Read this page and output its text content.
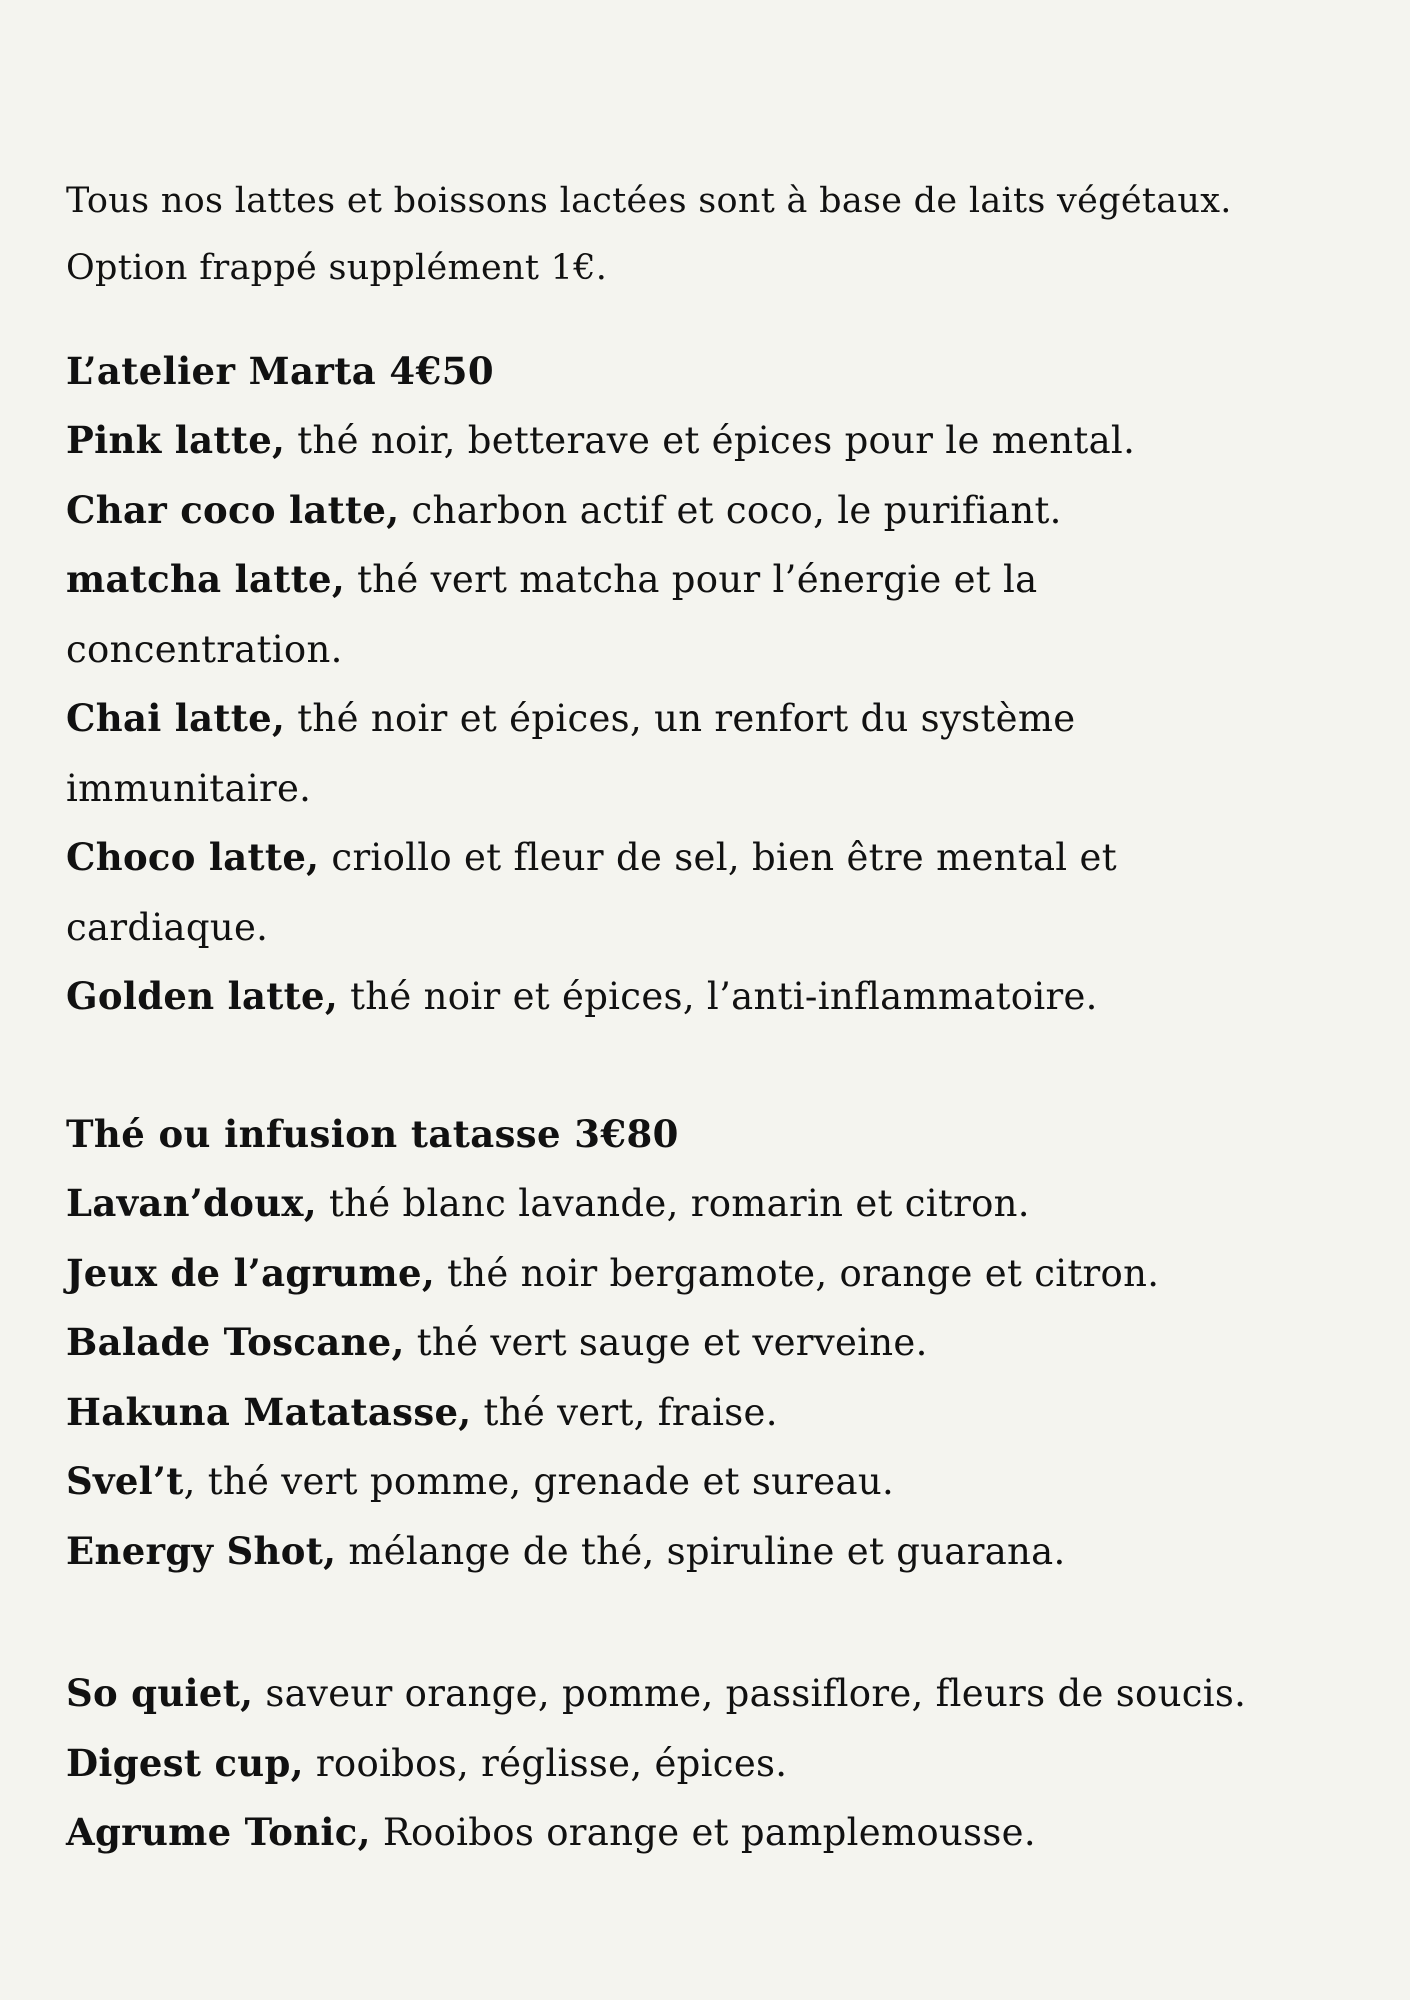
Tous nos lattes et boissons lactées sont à base de laits végétaux.

Option frappé supplément 1€.

L’atelier Marta 4€50

Pink latte, thé noir, betterave et épices pour le mental.

Char coco latte, charbon actif et coco, le purifiant.

matcha latte, thé vert matcha pour l’énergie et la concentration.

Chai latte, thé noir et épices, un renfort du système immunitaire.

Choco latte, criollo et fleur de sel, bien être mental et cardiaque.

Golden latte, thé noir et épices, l’anti-inflammatoire.

Thé ou infusion tatasse 3€80

Lavan’doux, thé blanc lavande, romarin et citron.

Jeux de l’agrume, thé noir bergamote, orange et citron.

Balade Toscane, thé vert sauge et verveine.

Hakuna Matatasse, thé vert, fraise.

Svel’t, thé vert pomme, grenade et sureau.

Energy Shot, mélange de thé, spiruline et guarana.

So quiet, saveur orange, pomme, passiflore, fleurs de soucis.

Digest cup, rooibos, réglisse, épices.

Agrume Tonic, Rooibos orange et pamplemousse.
